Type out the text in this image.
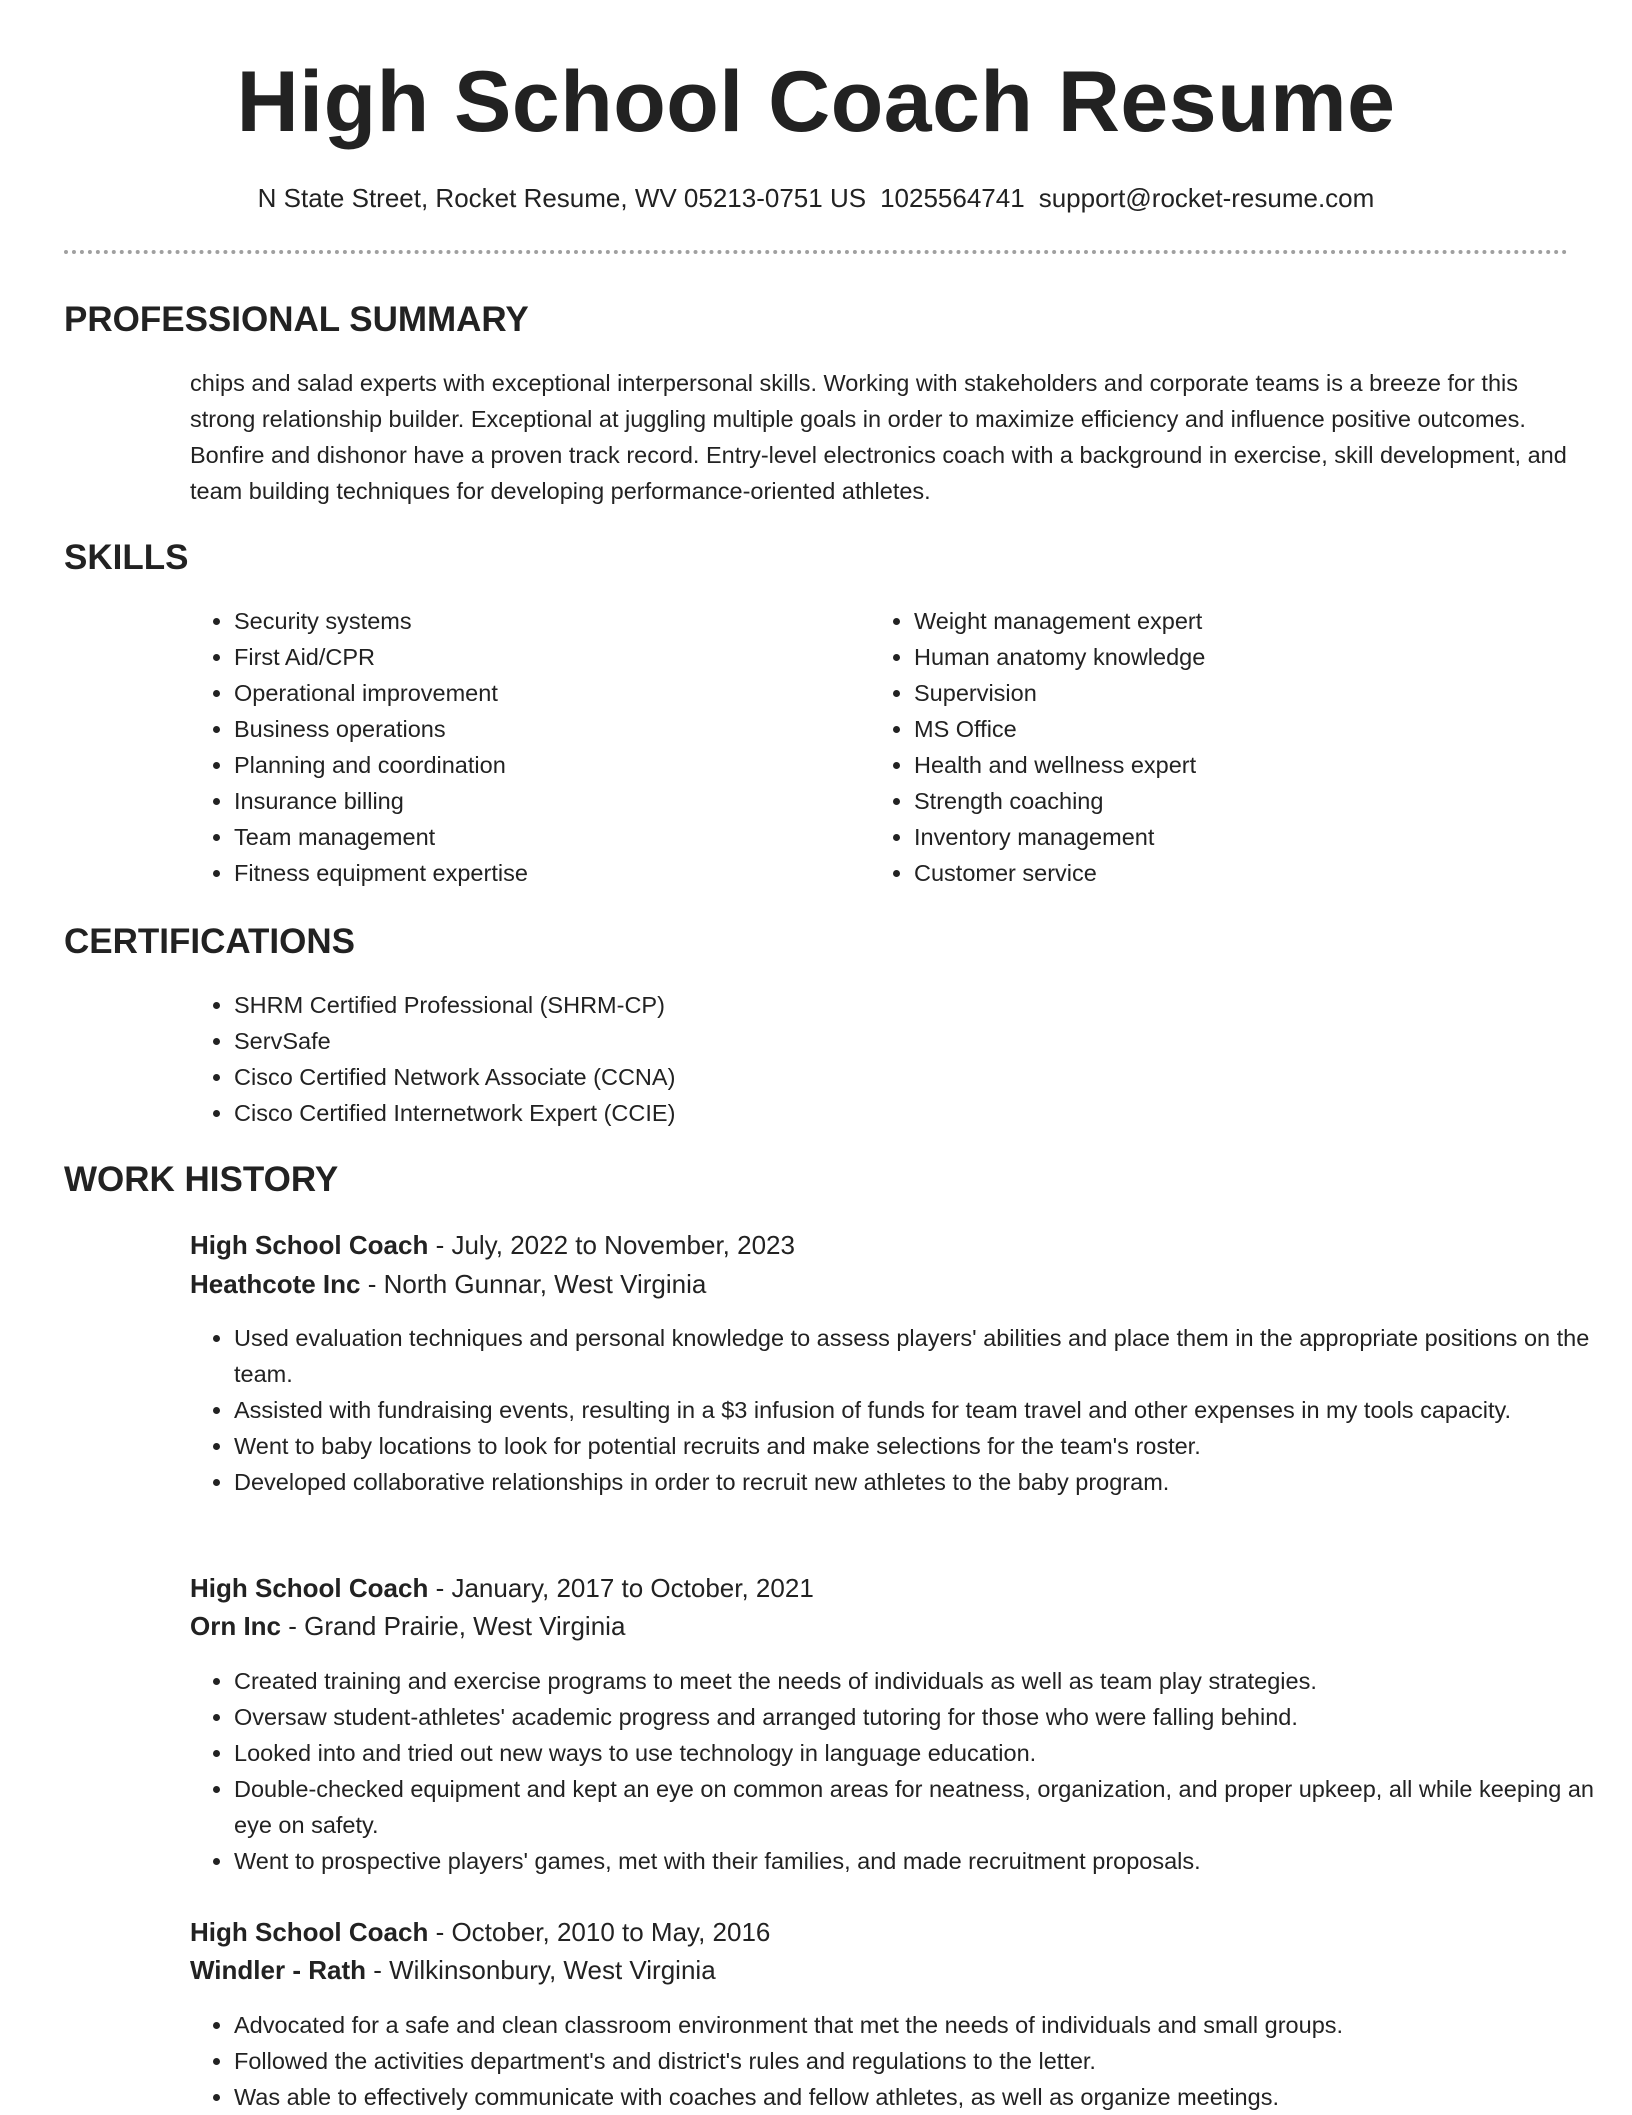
High School Coach Resume
N State Street, Rocket Resume, WV 05213-0751 US 1025564741 support@rocket-resume.com
PROFESSIONAL SUMMARY

chips and salad experts with exceptional interpersonal skills. Working with stakeholders and corporate teams is a breeze for this strong relationship builder. Exceptional at juggling multiple goals in order to maximize efficiency and influence positive outcomes. Bonfire and dishonor have a proven track record. Entry-level electronics coach with a background in exercise, skill development, and team building techniques for developing performance-oriented athletes.

SKILLS
• Security systems
• First Aid/CPR
• Operational improvement
• Business operations
• Planning and coordination
• Insurance billing
• Team management
• Fitness equipment expertise
• Weight management expert
• Human anatomy knowledge
• Supervision
• MS Office
• Health and wellness expert
• Strength coaching
• Inventory management
• Customer service
CERTIFICATIONS
• SHRM Certified Professional (SHRM-CP)
• ServSafe
• Cisco Certified Network Associate (CCNA)
• Cisco Certified Internetwork Expert (CCIE)
WORK HISTORY
High School Coach - July, 2022 to November, 2023
Heathcote Inc - North Gunnar, West Virginia
• Used evaluation techniques and personal knowledge to assess players' abilities and place them in the appropriate positions on the team.
• Assisted with fundraising events, resulting in a $3 infusion of funds for team travel and other expenses in my tools capacity.
• Went to baby locations to look for potential recruits and make selections for the team's roster.
• Developed collaborative relationships in order to recruit new athletes to the baby program.
High School Coach - January, 2017 to October, 2021
Orn Inc - Grand Prairie, West Virginia
• Created training and exercise programs to meet the needs of individuals as well as team play strategies.
• Oversaw student-athletes' academic progress and arranged tutoring for those who were falling behind.
• Looked into and tried out new ways to use technology in language education.
• Double-checked equipment and kept an eye on common areas for neatness, organization, and proper upkeep, all while keeping an eye on safety.
• Went to prospective players' games, met with their families, and made recruitment proposals.
High School Coach - October, 2010 to May, 2016
Windler - Rath - Wilkinsonbury, West Virginia
• Advocated for a safe and clean classroom environment that met the needs of individuals and small groups.
• Followed the activities department's and district's rules and regulations to the letter.
• Was able to effectively communicate with coaches and fellow athletes, as well as organize meetings.
